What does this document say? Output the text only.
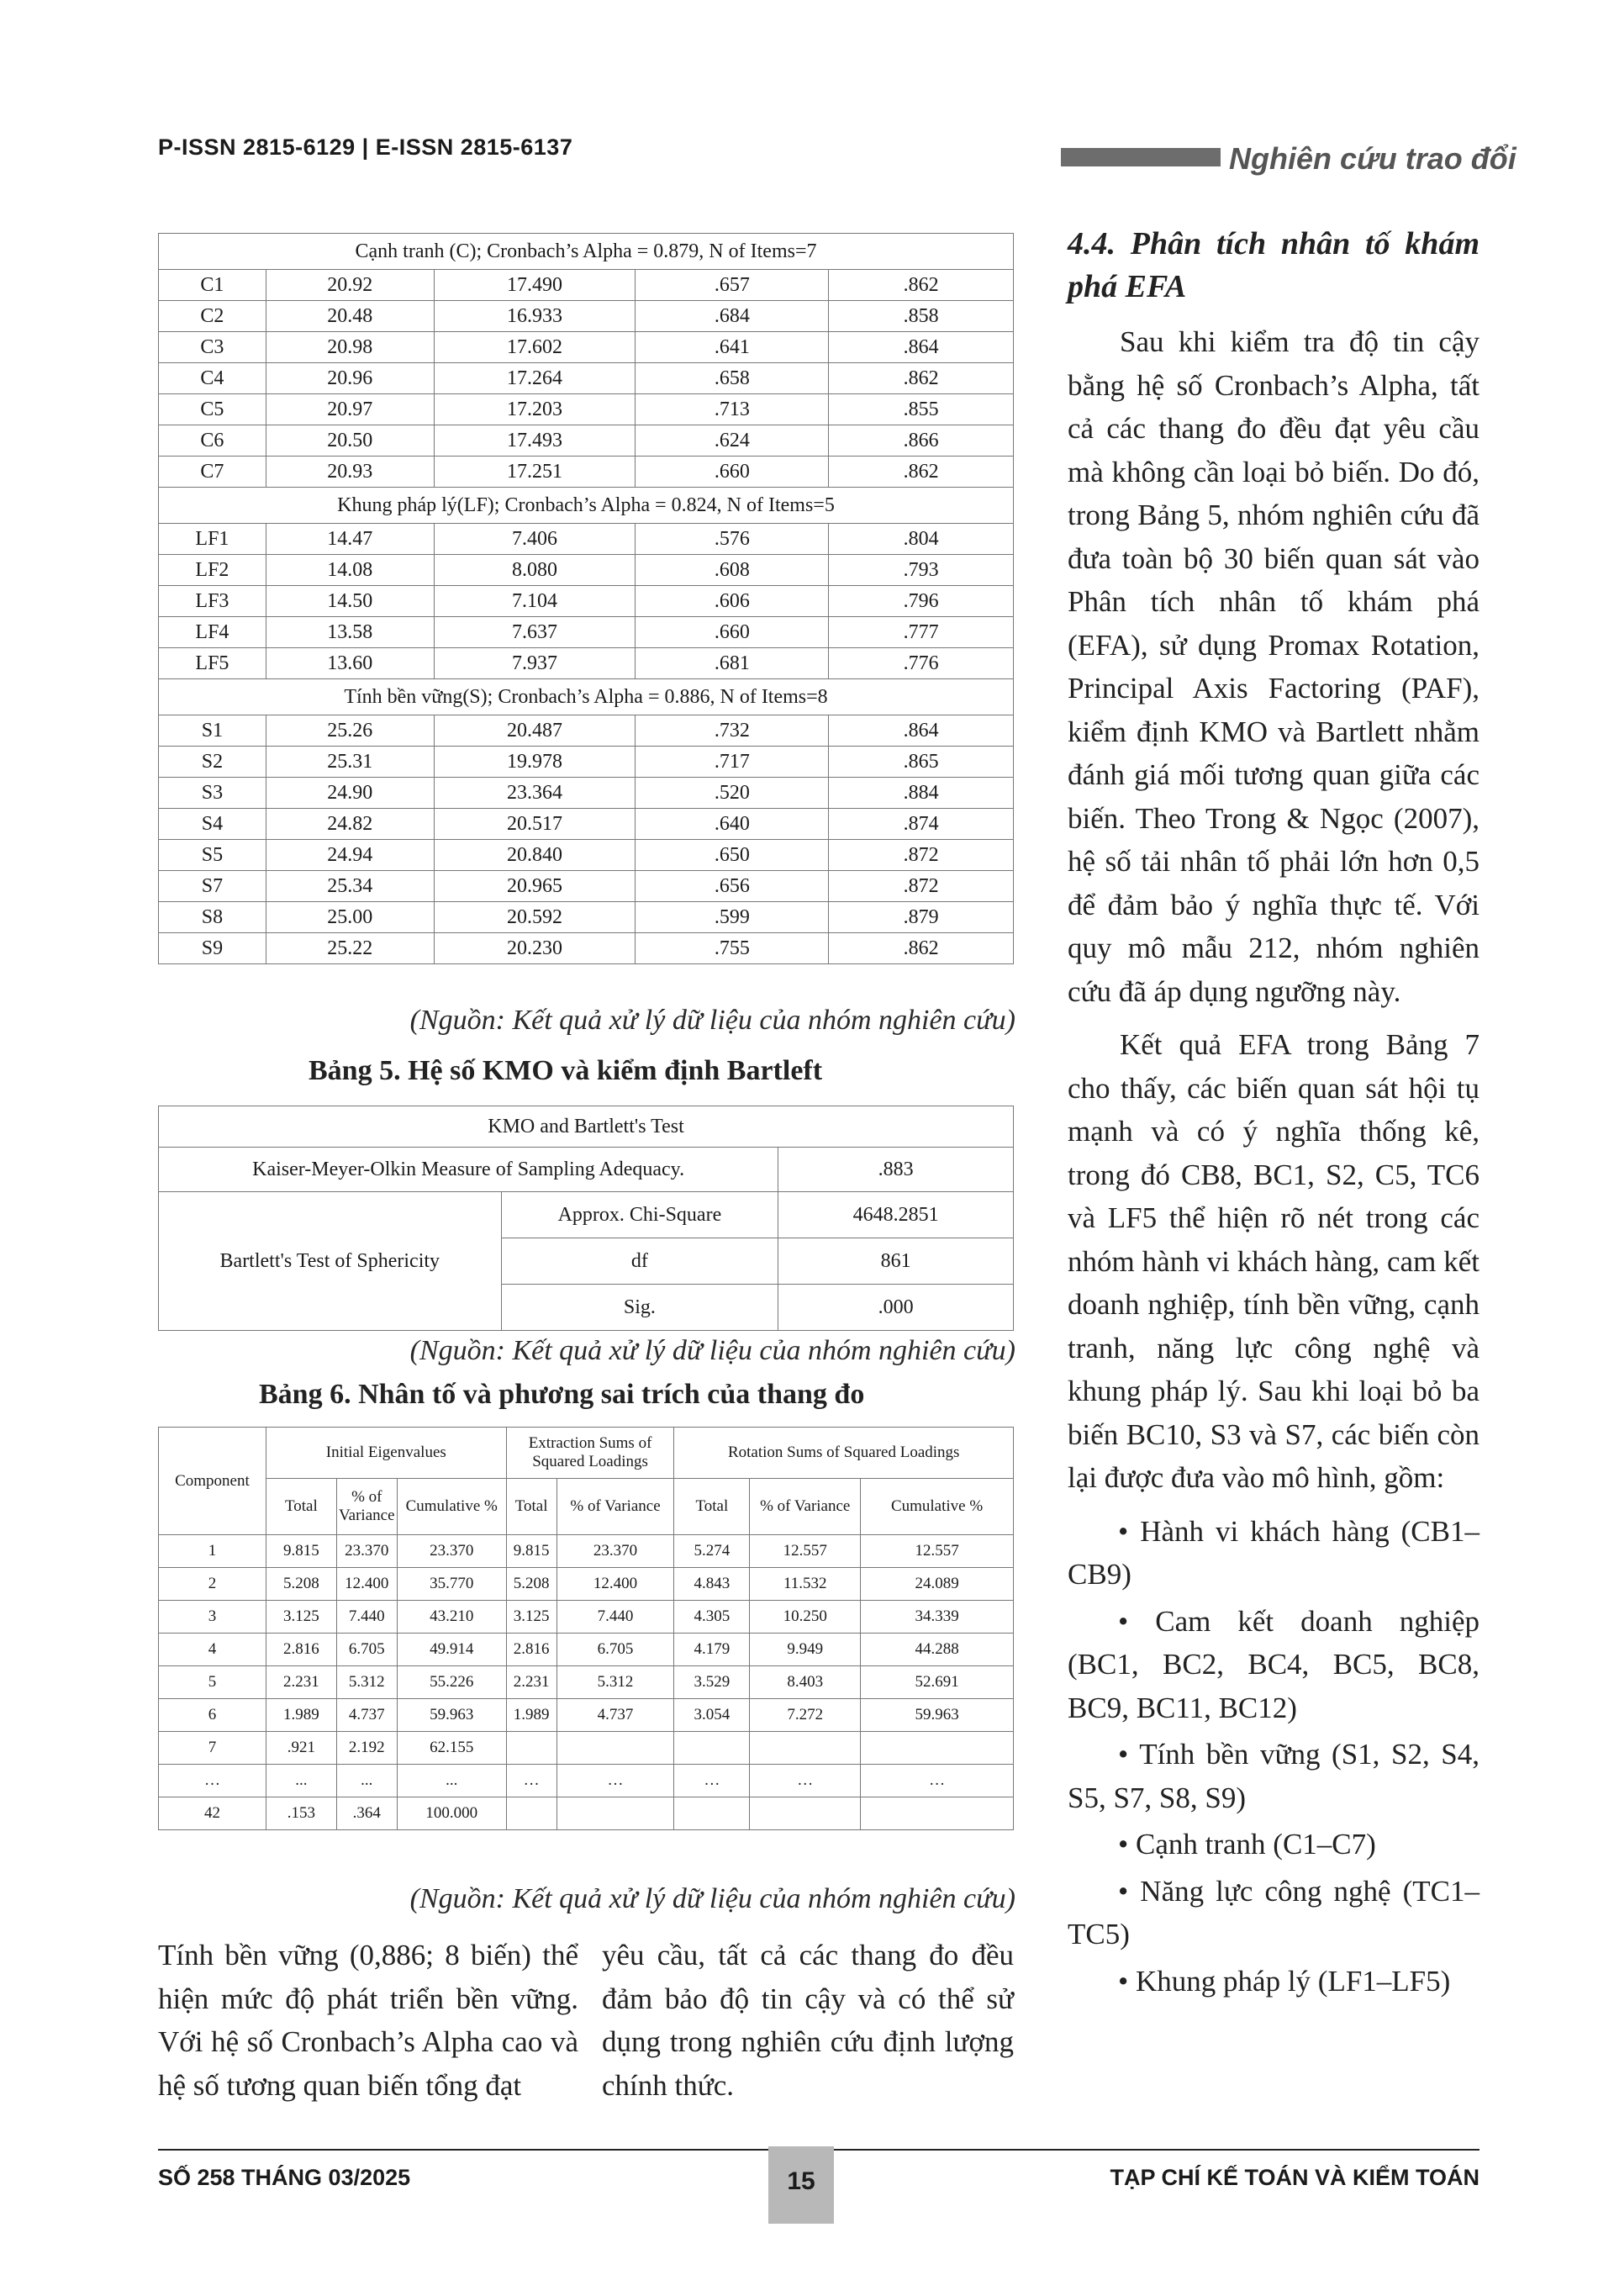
P-ISSN 2815-6129 | E-ISSN 2815-6137	Nghiên cứu trao đổi
Cạnh tranh (C); Cronbach’s Alpha = 0.879, N of Items=7				
C1	20.92	17.490	.657	.862
C2	20.48	16.933	.684	.858
C3	20.98	17.602	.641	.864
C4	20.96	17.264	.658	.862
C5	20.97	17.203	.713	.855
C6	20.50	17.493	.624	.866
C7	20.93	17.251	.660	.862
Khung pháp lý(LF); Cronbach’s Alpha = 0.824, N of Items=5				
LF1	14.47	7.406	.576	.804
LF2	14.08	8.080	.608	.793
LF3	14.50	7.104	.606	.796
LF4	13.58	7.637	.660	.777
LF5	13.60	7.937	.681	.776
Tính bền vững(S); Cronbach’s Alpha = 0.886, N of Items=8				
S1	25.26	20.487	.732	.864
S2	25.31	19.978	.717	.865
S3	24.90	23.364	.520	.884
S4	24.82	20.517	.640	.874
S5	24.94	20.840	.650	.872
S7	25.34	20.965	.656	.872
S8	25.00	20.592	.599	.879
S9	25.22	20.230	.755	.862
(Nguồn: Kết quả xử lý dữ liệu của nhóm nghiên cứu)
Bảng 5. Hệ số KMO và kiểm định Bartleft
KMO and Bartlett's Test		
Kaiser-Meyer-Olkin Measure of Sampling Adequacy.		.883
Bartlett's Test of Sphericity	Approx. Chi-Square	4648.2851
	df	861
	Sig.	.000
(Nguồn: Kết quả xử lý dữ liệu của nhóm nghiên cứu)
Bảng 6. Nhân tố và phương sai trích của thang đo
Component	Initial Eigenvalues			Extraction Sums of Squared Loadings		Rotation Sums of Squared Loadings		
	Total	% of Variance	Cumulative %	Total	% of Variance	Total	% of Variance	Cumulative %
1	9.815	23.370	23.370	9.815	23.370	5.274	12.557	12.557
2	5.208	12.400	35.770	5.208	12.400	4.843	11.532	24.089
3	3.125	7.440	43.210	3.125	7.440	4.305	10.250	34.339
4	2.816	6.705	49.914	2.816	6.705	4.179	9.949	44.288
5	2.231	5.312	55.226	2.231	5.312	3.529	8.403	52.691
6	1.989	4.737	59.963	1.989	4.737	3.054	7.272	59.963
7	.921	2.192	62.155					
…	...	...	...	…	…	…	…	…
42	.153	.364	100.000					
(Nguồn: Kết quả xử lý dữ liệu của nhóm nghiên cứu)
Tính bền vững (0,886; 8 biến) thể hiện mức độ phát triển bền vững. Với hệ số Cronbach’s Alpha cao và hệ số tương quan biến tổng đạt
yêu cầu, tất cả các thang đo đều đảm bảo độ tin cậy và có thể sử dụng trong nghiên cứu định lượng chính thức.
4.4. Phân tích nhân tố khám phá EFA

Sau khi kiểm tra độ tin cậy bằng hệ số Cronbach’s Alpha, tất cả các thang đo đều đạt yêu cầu mà không cần loại bỏ biến. Do đó, trong Bảng 5, nhóm nghiên cứu đã đưa toàn bộ 30 biến quan sát vào Phân tích nhân tố khám phá (EFA), sử dụng Promax Rotation, Principal Axis Factoring (PAF), kiểm định KMO và Bartlett nhằm đánh giá mối tương quan giữa các biến. Theo Trong & Ngọc (2007), hệ số tải nhân tố phải lớn hơn 0,5 để đảm bảo ý nghĩa thực tế. Với quy mô mẫu 212, nhóm nghiên cứu đã áp dụng ngưỡng này.

Kết quả EFA trong Bảng 7 cho thấy, các biến quan sát hội tụ mạnh và có ý nghĩa thống kê, trong đó CB8, BC1, S2, C5, TC6 và LF5 thể hiện rõ nét trong các nhóm hành vi khách hàng, cam kết doanh nghiệp, tính bền vững, cạnh tranh, năng lực công nghệ và khung pháp lý. Sau khi loại bỏ ba biến BC10, S3 và S7, các biến còn lại được đưa vào mô hình, gồm:

• Hành vi khách hàng (CB1–CB9)

• Cam kết doanh nghiệp (BC1, BC2, BC4, BC5, BC8, BC9, BC11, BC12)

• Tính bền vững (S1, S2, S4, S5, S7, S8, S9)

• Cạnh tranh (C1–C7)

• Năng lực công nghệ (TC1–TC5)

• Khung pháp lý (LF1–LF5)

SỐ 258 THÁNG 03/2025	15	TẠP CHÍ KẾ TOÁN VÀ KIỂM TOÁN
